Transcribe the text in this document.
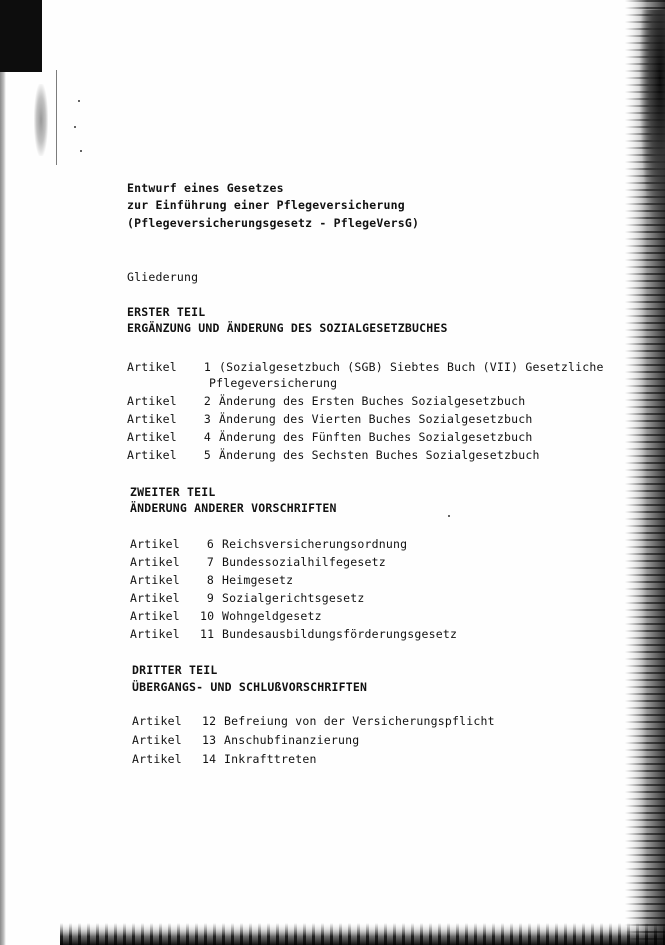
Entwurf eines Gesetzes
zur Einführung einer Pflegeversicherung
(Pflegeversicherungsgesetz - PflegeVersG)
Gliederung
ERSTER TEIL
ERGÄNZUNG UND ÄNDERUNG DES SOZIALGESETZBUCHES
Artikel 1 (Sozialgesetzbuch (SGB) Siebtes Buch (VII) Gesetzliche
Pflegeversicherung
Artikel 2 Änderung des Ersten Buches Sozialgesetzbuch
Artikel 3 Änderung des Vierten Buches Sozialgesetzbuch
Artikel 4 Änderung des Fünften Buches Sozialgesetzbuch
Artikel 5 Änderung des Sechsten Buches Sozialgesetzbuch
ZWEITER TEIL
ÄNDERUNG ANDERER VORSCHRIFTEN
Artikel 6 Reichsversicherungsordnung
Artikel 7 Bundessozialhilfegesetz
Artikel 8 Heimgesetz
Artikel 9 Sozialgerichtsgesetz
Artikel 10 Wohngeldgesetz
Artikel 11 Bundesausbildungsförderungsgesetz
DRITTER TEIL
ÜBERGANGS- UND SCHLUßVORSCHRIFTEN
Artikel 12 Befreiung von der Versicherungspflicht
Artikel 13 Anschubfinanzierung
Artikel 14 Inkrafttreten
